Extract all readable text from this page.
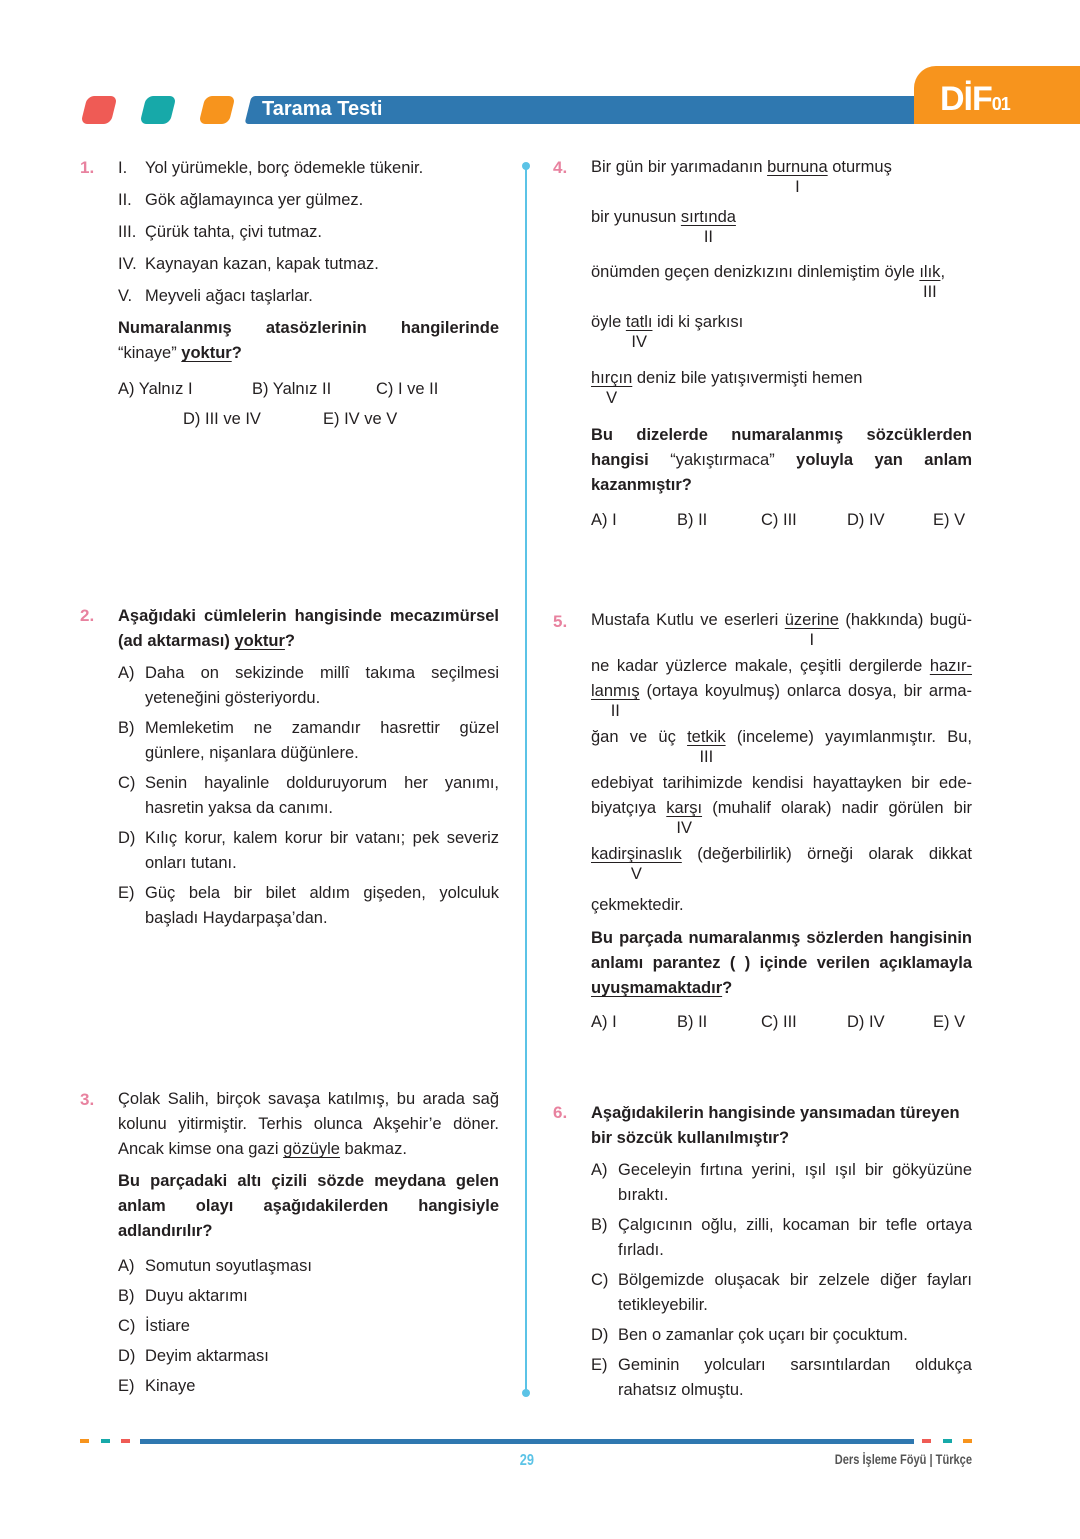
Tarama Testi	DİF01
1. I.	Yol yürümekle, borç ödemekle tükenir.
II. Gök ağlamayınca yer gülmez.
III. Çürük tahta, çivi tutmaz.
IV. Kaynayan kazan, kapak tutmaz.
V. Meyveli ağacı taşlarlar.
Numaralanmış atasözlerinin hangilerinde “kinaye” yoktur?
A) Yalnız I	B) Yalnız II	C) I ve II
D) III ve IV	E) IV ve V
2. Aşağıdaki cümlelerin hangisinde mecazımürsel (ad aktarması) yoktur?
A) Daha on sekizinde millî takıma seçilmesi yeteneğini gösteriyordu.
B) Memleketim ne zamandır hasrettir güzel günlere, nişanlara düğünlere.
C) Senin hayalinle dolduruyorum her yanımı, hasretin yaksa da canımı.
D) Kılıç korur, kalem korur bir vatanı; pek severiz onları tutanı.
E) Güç bela bir bilet aldım gişeden, yolculuk başladı Haydarpaşa’dan.
3. Çolak Salih, birçok savaşa katılmış, bu arada sağ kolunu yitirmiştir. Terhis olunca Akşehir’e döner. Ancak kimse ona gazi gözüyle bakmaz.
Bu parçadaki altı çizili sözde meydana gelen anlam olayı aşağıdakilerden hangisiyle adlandırılır?
A) Somutun soyutlaşması
B) Duyu aktarımı
C) İstiare
D) Deyim aktarması
E) Kinaye
4. Bir gün bir yarımadanın burnuna
I
oturmuş
bir yunusun sırtında
II
önümden geçen denizkızını dinlemiştim öyle ılık
III
,
öyle tatlı
IV
idi ki şarkısı
hırçın
V
deniz bile yatışıvermişti hemen
Bu dizelerde numaralanmış sözcüklerden hangisi “yakıştırmaca” yoluyla yan anlam kazanmıştır?
A) I	B) II	C) III	D) IV	E) V
5. Mustafa Kutlu ve eserleri üzerine
I
(hakkında) bugü-
ne kadar yüzlerce makale, çeşitli dergilerde hazır-
lanmış
II
(ortaya koyulmuş) onlarca dosya, bir arma-
ğan ve üç tetkik
III
(inceleme) yayımlanmıştır. Bu,
edebiyat tarihimizde kendisi hayattayken bir ede-
biyatçıya karşı
IV
(muhalif olarak) nadir görülen bir
kadirşinaslık
V
(değerbilirlik) örneği olarak dikkat
çekmektedir.
Bu parçada numaralanmış sözlerden hangisinin anlamı parantez ( ) içinde verilen açıklamayla uyuşmamaktadır?
A) I	B) II	C) III	D) IV	E) V
6. Aşağıdakilerin hangisinde yansımadan türeyen bir sözcük kullanılmıştır?
A) Geceleyin fırtına yerini, ışıl ışıl bir gökyüzüne bıraktı.
B) Çalgıcının oğlu, zilli, kocaman bir tefle ortaya fırladı.
C) Bölgemizde oluşacak bir zelzele diğer fayları tetikleyebilir.
D) Ben o zamanlar çok uçarı bir çocuktum.
E) Geminin yolcuları sarsıntılardan oldukça rahatsız olmuştu.
29	Ders İşleme Föyü | Türkçe
